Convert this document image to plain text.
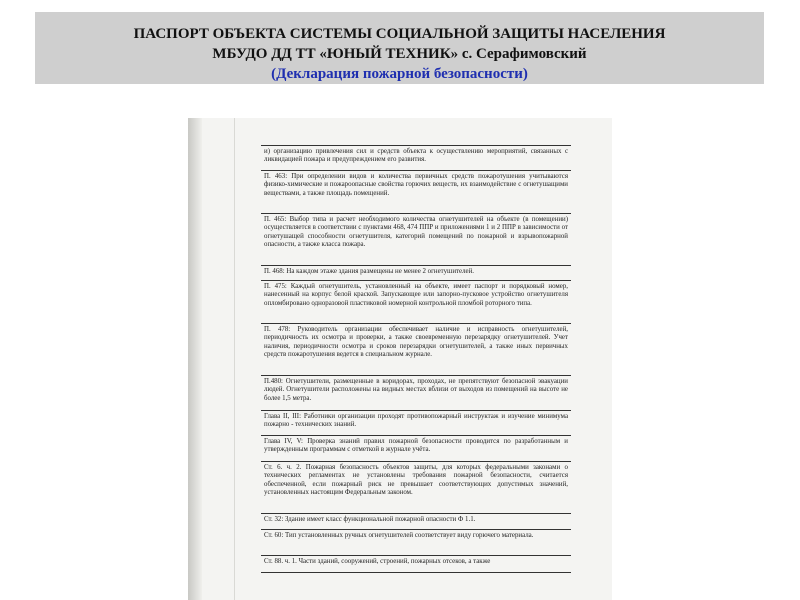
ПАСПОРТ ОБЪЕКТА СИСТЕМЫ СОЦИАЛЬНОЙ ЗАЩИТЫ НАСЕЛЕНИЯ
МБУДО ДД ТТ «ЮНЫЙ ТЕХНИК» с. Серафимовский
(Декларация пожарной безопасности)
и) организацию привлечения сил и средств объекта к осуществлению мероприятий, связанных с ликвидацией пожара и предупреждением его развития.
П. 463: При определении видов и количества первичных средств пожаротушения учитываются физико-химические и пожароопасные свойства горючих веществ, их взаимодействие с огнетушащими веществами, а также площадь помещений.
П. 465: Выбор типа и расчет необходимого количества огнетушителей на объекте (в помещении) осуществляется в соответствии с пунктами 468, 474 ППР и приложениями 1 и 2 ППР в зависимости от огнетушащей способности огнетушителя, категорий помещений по пожарной и взрывопожарной опасности, а также класса пожара.
П. 468: На каждом этаже здания размещены не менее 2 огнетушителей.
П. 475: Каждый огнетушитель, установленный на объекте, имеет паспорт и порядковый номер, нанесенный на корпус белой краской. Запускающее или запорно-пусковое устройство огнетушителя опломбировано одноразовой пластиковой номерной контрольной пломбой роторного типа.
П. 478: Руководитель организации обеспечивает наличие и исправность огнетушителей, периодичность их осмотра и проверки, а также своевременную перезарядку огнетушителей. Учет наличия, периодичности осмотра и сроков перезарядки огнетушителей, а также иных первичных средств пожаротушения ведется в специальном журнале.
П.480: Огнетушители, размещенные в коридорах, проходах, не препятствуют безопасной эвакуации людей. Огнетушители расположены на видных местах вблизи от выходов из помещений на высоте не более 1,5 метра.
Глава II, III: Работники организации проходят противопожарный инструктаж и изучение минимума пожарно - технических знаний.
Глава IV, V: Проверка знаний правил пожарной безопасности проводится по разработанным и утвержденным программам с отметкой в журнале учёта.
Ст. 6. ч. 2. Пожарная безопасность объектов защиты, для которых федеральными законами о технических регламентах не установлены требования пожарной безопасности, считается обеспеченной, если пожарный риск не превышает соответствующих допустимых значений, установленных настоящим Федеральным законом.
Ст. 32: Здание имеет класс функциональной пожарной опасности Ф 1.1.
Ст. 60: Тип установленных ручных огнетушителей соответствует виду горючего материала.
Ст. 88. ч. 1. Части зданий, сооружений, строений, пожарных отсеков, а также
